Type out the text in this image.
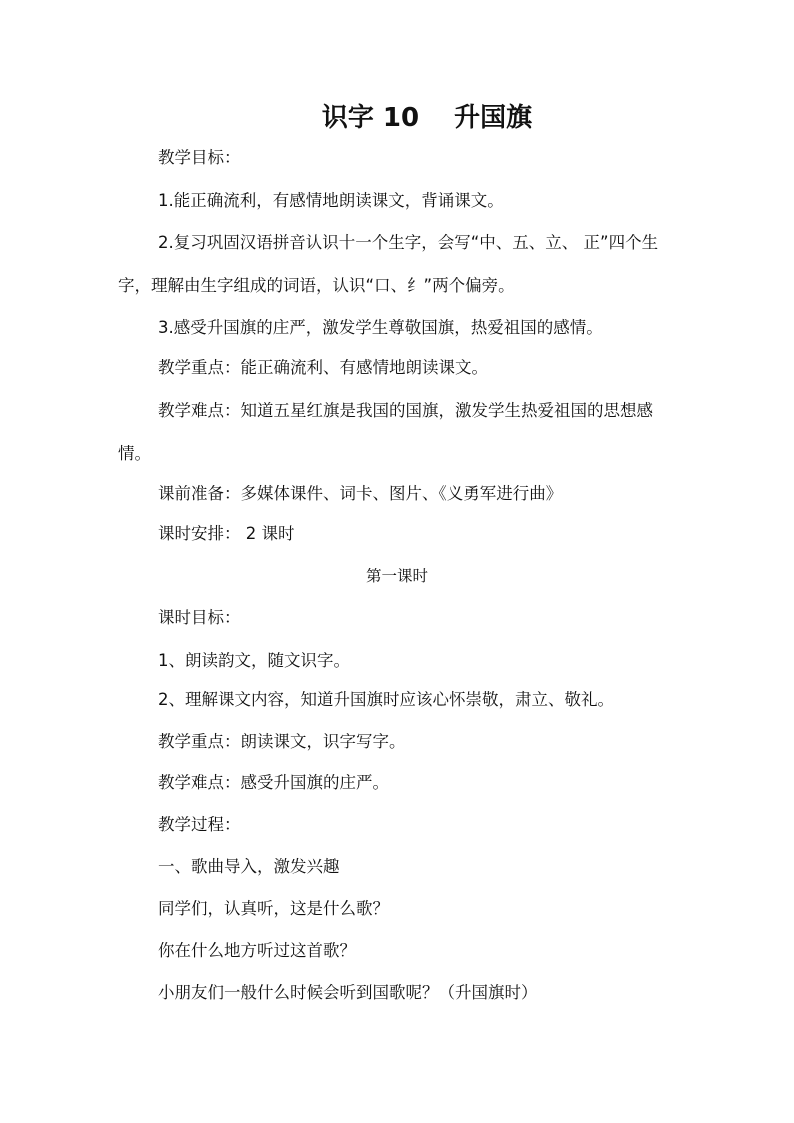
识字 10　 升国旗
教学目标：
1.能正确流利，有感情地朗读课文，背诵课文。
2.复习巩固汉语拼音认识十一个生字，会写“中、五、立、 正”四个生字，理解由生字组成的词语，认识“口、纟”两个偏旁。
3.感受升国旗的庄严，激发学生尊敬国旗，热爱祖国的感情。
教学重点：能正确流利、有感情地朗读课文。
教学难点：知道五星红旗是我国的国旗，激发学生热爱祖国的思想感情。
课前准备：多媒体课件、词卡、图片、《义勇军进行曲》
课时安排： 2 课时
第一课时
课时目标：
1、朗读韵文，随文识字。
2、理解课文内容，知道升国旗时应该心怀崇敬，肃立、敬礼。
教学重点：朗读课文，识字写字。
教学难点：感受升国旗的庄严。
教学过程：
一、歌曲导入，激发兴趣
同学们，认真听，这是什么歌？
你在什么地方听过这首歌？
小朋友们一般什么时候会听到国歌呢？（升国旗时）
